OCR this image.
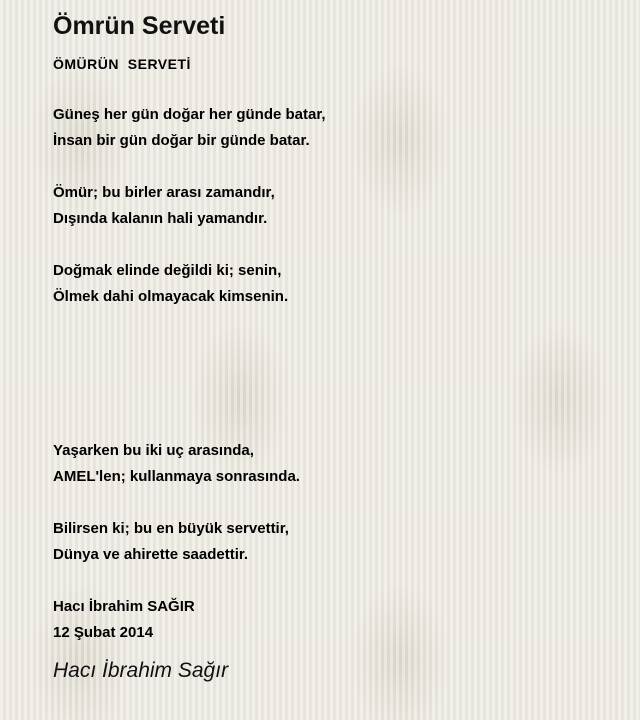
Ömrün Serveti
ÖMÜRÜN  SERVETİ
Güneş her gün doğar her günde batar,
İnsan bir gün doğar bir günde batar.
Ömür; bu birler arası zamandır,
Dışında kalanın hali yamandır.
Doğmak elinde değildi ki; senin,
Ölmek dahi olmayacak kimsenin.
Yaşarken bu iki uç arasında,
AMEL'len; kullanmaya sonrasında.
Bilirsen ki; bu en büyük servettir,
Dünya ve ahirette saadettir.
Hacı İbrahim SAĞIR
12 Şubat 2014
Hacı İbrahim Sağır
